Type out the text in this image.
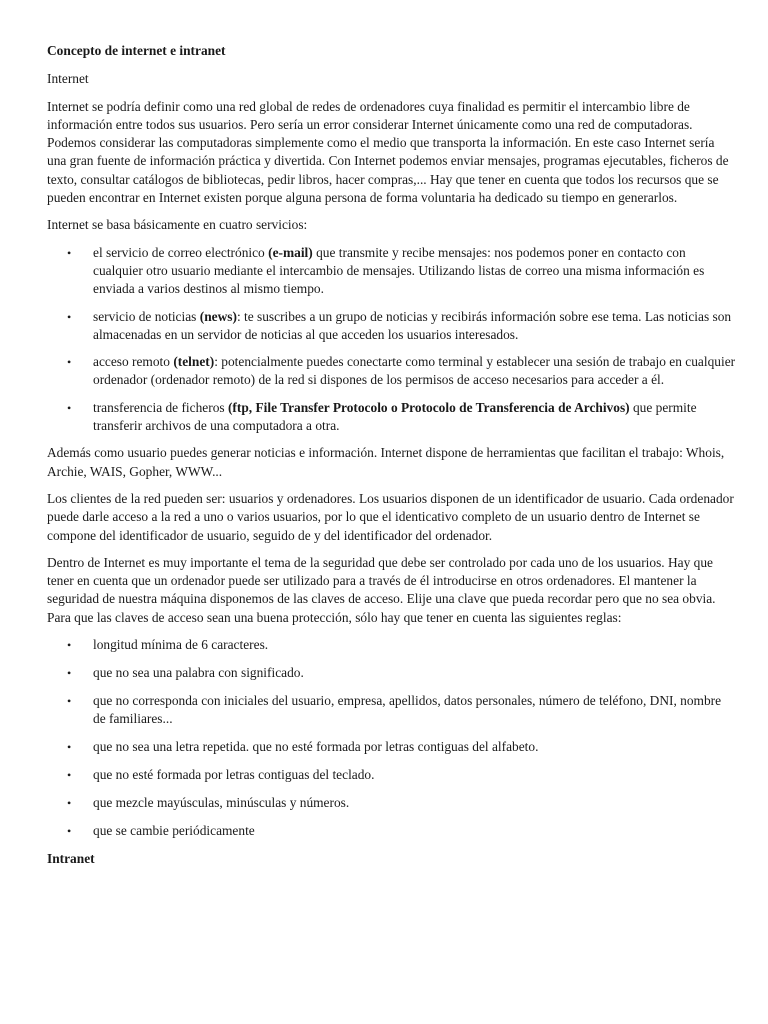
Concepto de internet e intranet

Internet

Internet se podría definir como una red global de redes de ordenadores cuya finalidad es permitir el intercambio libre de información entre todos sus usuarios. Pero sería un error considerar Internet únicamente como una red de computadoras. Podemos considerar las computadoras simplemente como el medio que transporta la información. En este caso Internet sería una gran fuente de información práctica y divertida. Con Internet podemos enviar mensajes, programas ejecutables, ficheros de texto, consultar catálogos de bibliotecas, pedir libros, hacer compras,... Hay que tener en cuenta que todos los recursos que se pueden encontrar en Internet existen porque alguna persona de forma voluntaria ha dedicado su tiempo en generarlos.

Internet se basa básicamente en cuatro servicios:

• el servicio de correo electrónico (e-mail) que transmite y recibe mensajes: nos podemos poner en contacto con cualquier otro usuario mediante el intercambio de mensajes. Utilizando listas de correo una misma información es enviada a varios destinos al mismo tiempo.
• servicio de noticias (news): te suscribes a un grupo de noticias y recibirás información sobre ese tema. Las noticias son almacenadas en un servidor de noticias al que acceden los usuarios interesados.
• acceso remoto (telnet): potencialmente puedes conectarte como terminal y establecer una sesión de trabajo en cualquier ordenador (ordenador remoto) de la red si dispones de los permisos de acceso necesarios para acceder a él.
• transferencia de ficheros (ftp, File Transfer Protocolo o Protocolo de Transferencia de Archivos) que permite transferir archivos de una computadora a otra.

Además como usuario puedes generar noticias e información. Internet dispone de herramientas que facilitan el trabajo: Whois, Archie, WAIS, Gopher, WWW...

Los clientes de la red pueden ser: usuarios y ordenadores. Los usuarios disponen de un identificador de usuario. Cada ordenador puede darle acceso a la red a uno o varios usuarios, por lo que el identicativo completo de un usuario dentro de Internet se compone del identificador de usuario, seguido de y del identificador del ordenador.

Dentro de Internet es muy importante el tema de la seguridad que debe ser controlado por cada uno de los usuarios. Hay que tener en cuenta que un ordenador puede ser utilizado para a través de él introducirse en otros ordenadores. El mantener la seguridad de nuestra máquina disponemos de las claves de acceso. Elije una clave que pueda recordar pero que no sea obvia. Para que las claves de acceso sean una buena protección, sólo hay que tener en cuenta las siguientes reglas:

• longitud mínima de 6 caracteres.
• que no sea una palabra con significado.
• que no corresponda con iniciales del usuario, empresa, apellidos, datos personales, número de teléfono, DNI, nombre de familiares...
• que no sea una letra repetida. que no esté formada por letras contiguas del alfabeto.
• que no esté formada por letras contiguas del teclado.
• que mezcle mayúsculas, minúsculas y números.
• que se cambie periódicamente

Intranet
